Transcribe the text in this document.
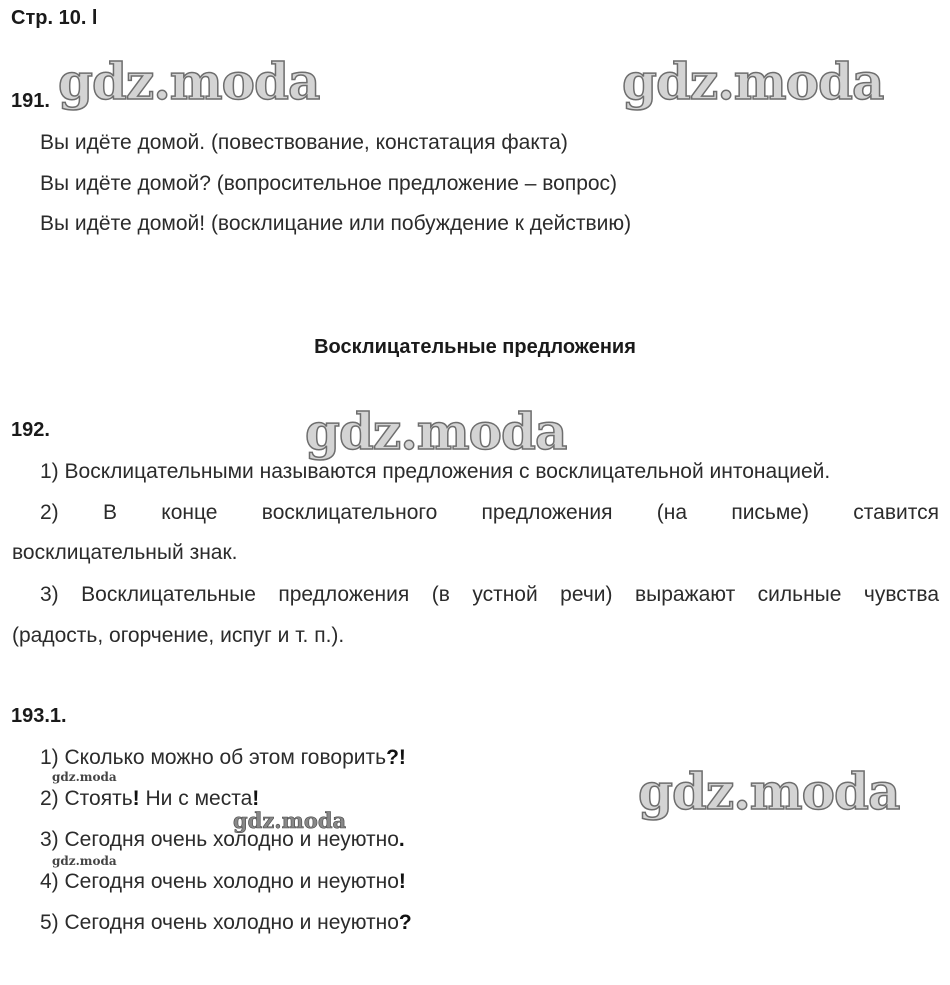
Стр. 10. l
gdz.moda	gdz.moda
gdz.moda
gdz.moda
gdz.moda
gdz.moda
gdz.moda
191.
Вы идёте домой. (повествование, констатация факта)
Вы идёте домой? (вопросительное предложение – вопрос)
Вы идёте домой! (восклицание или побуждение к действию)
Восклицательные предложения
192.
1) Восклицательными называются предложения с восклицательной интонацией.
2) В конце восклицательного предложения (на письме) ставится
восклицательный знак.
3) Восклицательные предложения (в устной речи) выражают сильные чувства
(радость, огорчение, испуг и т. п.).
193.1.
1) Сколько можно об этом говорить?!
2) Стоять! Ни с места!
3) Сегодня очень холодно и неуютно.
4) Сегодня очень холодно и неуютно!
5) Сегодня очень холодно и неуютно?
